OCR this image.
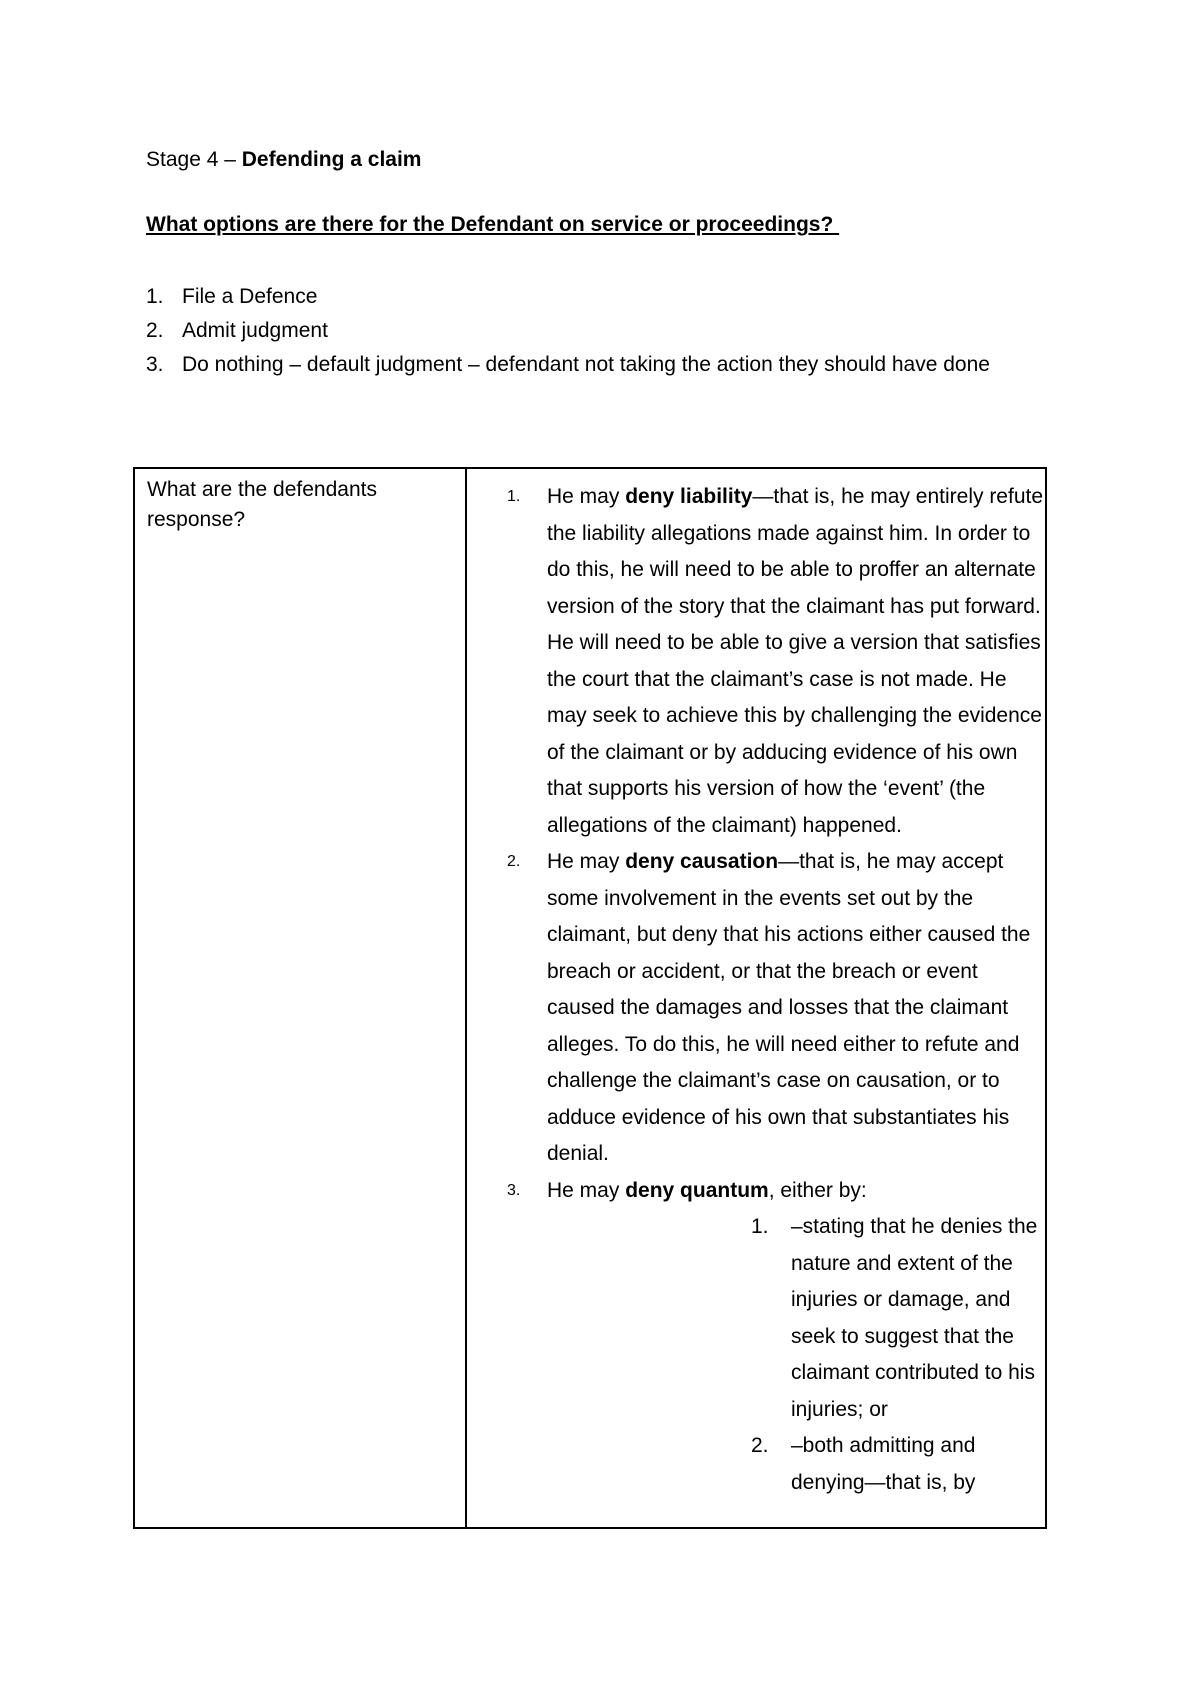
Stage 4 – Defending a claim

What options are there for the Defendant on service or proceedings?

1. File a Defence
2. Admit judgment
3. Do nothing – default judgment – defendant not taking the action they should have done
What are the defendants response?
1. He may deny liability—that is, he may entirely refute the liability allegations made against him. In order to do this, he will need to be able to proffer an alternate version of the story that the claimant has put forward. He will need to be able to give a version that satisfies the court that the claimant’s case is not made. He may seek to achieve this by challenging the evidence of the claimant or by adducing evidence of his own that supports his version of how the ‘event’ (the allegations of the claimant) happened.
2. He may deny causation—that is, he may accept some involvement in the events set out by the claimant, but deny that his actions either caused the breach or accident, or that the breach or event caused the damages and losses that the claimant alleges. To do this, he will need either to refute and challenge the claimant’s case on causation, or to adduce evidence of his own that substantiates his denial.
3. He may deny quantum, either by:
1. –stating that he denies the nature and extent of the injuries or damage, and seek to suggest that the claimant contributed to his injuries; or
2. –both admitting and denying—that is, by
